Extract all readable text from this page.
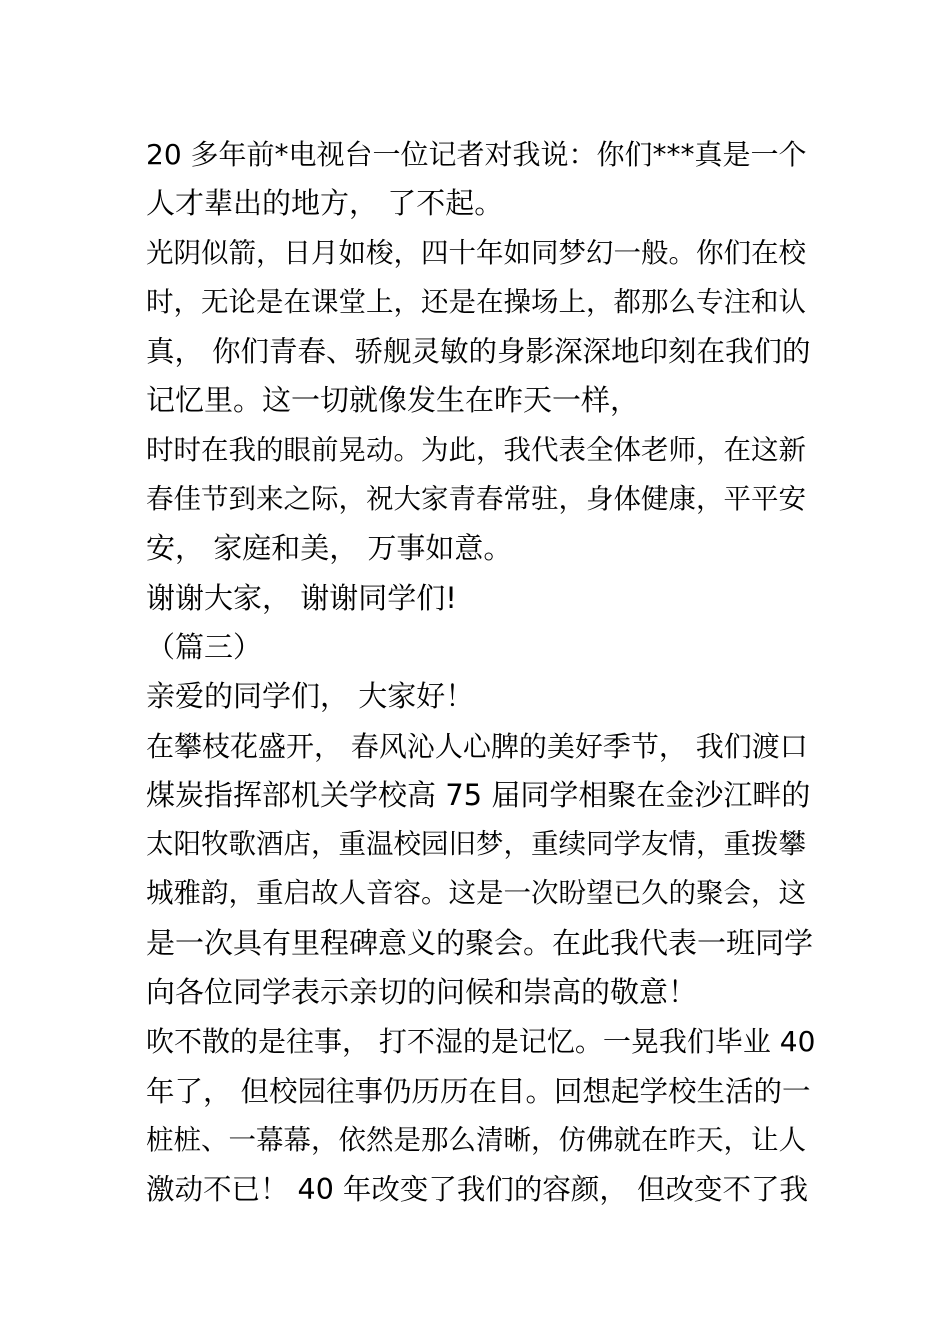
20 多年前*电视台一位记者对我说：你们***真是一个
人才辈出的地方， 了不起。
光阴似箭，日月如梭，四十年如同梦幻一般。你们在校
时，无论是在课堂上，还是在操场上，都那么专注和认
真， 你们青春、骄舰灵敏的身影深深地印刻在我们的
记忆里。这一切就像发生在昨天一样，
时时在我的眼前晃动。为此，我代表全体老师，在这新
春佳节到来之际，祝大家青春常驻，身体健康，平平安
安， 家庭和美， 万事如意。
谢谢大家， 谢谢同学们!
（篇三）
亲爱的同学们， 大家好！
在攀枝花盛开， 春风沁人心脾的美好季节， 我们渡口
煤炭指挥部机关学校高 75 届同学相聚在金沙江畔的
太阳牧歌酒店，重温校园旧梦，重续同学友情，重拨攀
城雅韵，重启故人音容。这是一次盼望已久的聚会，这
是一次具有里程碑意义的聚会。在此我代表一班同学
向各位同学表示亲切的问候和崇高的敬意！
吹不散的是往事， 打不湿的是记忆。一晃我们毕业 40
年了， 但校园往事仍历历在目。回想起学校生活的一
桩桩、一幕幕，依然是那么清晰，仿佛就在昨天，让人
激动不已！ 40 年改变了我们的容颜， 但改变不了我
